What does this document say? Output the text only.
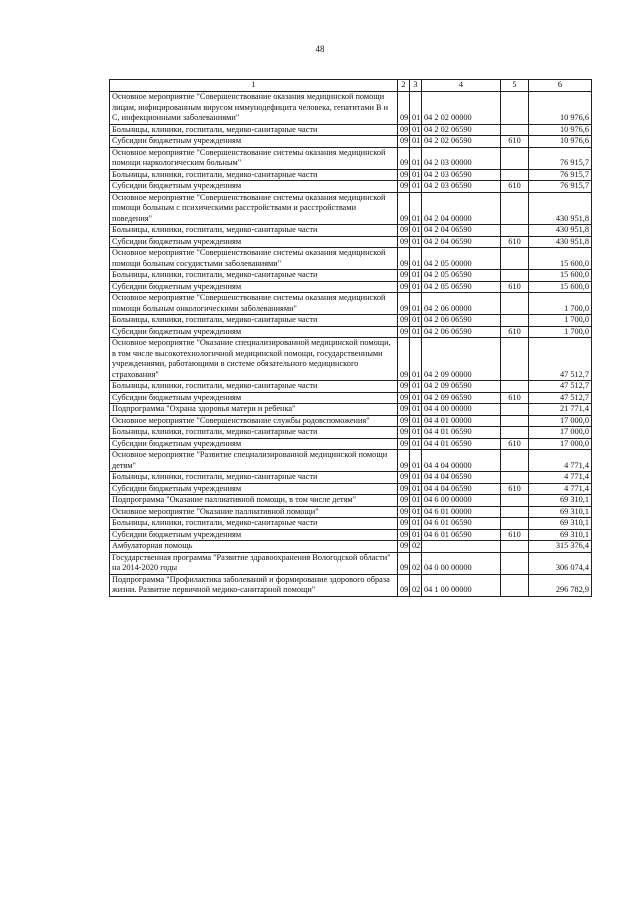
48
1	2	3	4	5	6
Основное мероприятие "Совершенствование оказания медицинской помощи лицам, инфицированным вирусом иммунодефицита человека, гепатитами B и C, инфекционными заболеваниями"	09	01	04 2 02 00000		10 976,6
Больницы, клиники, госпитали, медико-санитарные части	09	01	04 2 02 06590		10 976,6
Субсидии бюджетным учреждениям	09	01	04 2 02 06590	610	10 976,6
Основное мероприятие "Совершенствование системы оказания медицинской помощи наркологическим больным"	09	01	04 2 03 00000		76 915,7
Больницы, клиники, госпитали, медико-санитарные части	09	01	04 2 03 06590		76 915,7
Субсидии бюджетным учреждениям	09	01	04 2 03 06590	610	76 915,7
Основное мероприятие "Совершенствование системы оказания медицинской помощи больным с психическими расстройствами и расстройствами поведения"	09	01	04 2 04 00000		430 951,8
Больницы, клиники, госпитали, медико-санитарные части	09	01	04 2 04 06590		430 951,8
Субсидии бюджетным учреждениям	09	01	04 2 04 06590	610	430 951,8
Основное мероприятие "Совершенствование системы оказания медицинской помощи больным сосудистыми заболеваниями"	09	01	04 2 05 00000		15 600,0
Больницы, клиники, госпитали, медико-санитарные части	09	01	04 2 05 06590		15 600,0
Субсидии бюджетным учреждениям	09	01	04 2 05 06590	610	15 600,0
Основное мероприятие "Совершенствование системы оказания медицинской помощи больным онкологическими заболеваниями"	09	01	04 2 06 00000		1 700,0
Больницы, клиники, госпитали, медико-санитарные части	09	01	04 2 06 06590		1 700,0
Субсидии бюджетным учреждениям	09	01	04 2 06 06590	610	1 700,0
Основное мероприятие "Оказание специализированной медицинской помощи, в том числе высокотехнологичной медицинской помощи, государственными учреждениями, работающими в системе обязательного медицинского страхования"	09	01	04 2 09 00000		47 512,7
Больницы, клиники, госпитали, медико-санитарные части	09	01	04 2 09 06590		47 512,7
Субсидии бюджетным учреждениям	09	01	04 2 09 06590	610	47 512,7
Подпрограмма "Охрана здоровья матери и ребенка"	09	01	04 4 00 00000		21 771,4
Основное мероприятие "Совершенствование службы родовспоможения"	09	01	04 4 01 00000		17 000,0
Больницы, клиники, госпитали, медико-санитарные части	09	01	04 4 01 06590		17 000,0
Субсидии бюджетным учреждениям	09	01	04 4 01 06590	610	17 000,0
Основное мероприятие "Развитие специализированной медицинской помощи детям"	09	01	04 4 04 00000		4 771,4
Больницы, клиники, госпитали, медико-санитарные части	09	01	04 4 04 06590		4 771,4
Субсидии бюджетным учреждениям	09	01	04 4 04 06590	610	4 771,4
Подпрограмма "Оказание паллиативной помощи, в том числе детям"	09	01	04 6 00 00000		69 310,1
Основное мероприятие "Оказание паллиативной помощи"	09	01	04 6 01 00000		69 310,1
Больницы, клиники, госпитали, медико-санитарные части	09	01	04 6 01 06590		69 310,1
Субсидии бюджетным учреждениям	09	01	04 6 01 06590	610	69 310,1
Амбулаторная помощь	09	02			315 376,4
Государственная программа "Развитие здравоохранения Вологодской области" на 2014-2020 годы	09	02	04 0 00 00000		306 074,4
Подпрограмма "Профилактика заболеваний и формирование здорового образа жизни. Развитие первичной медико-санитарной помощи"	09	02	04 1 00 00000		296 782,9
